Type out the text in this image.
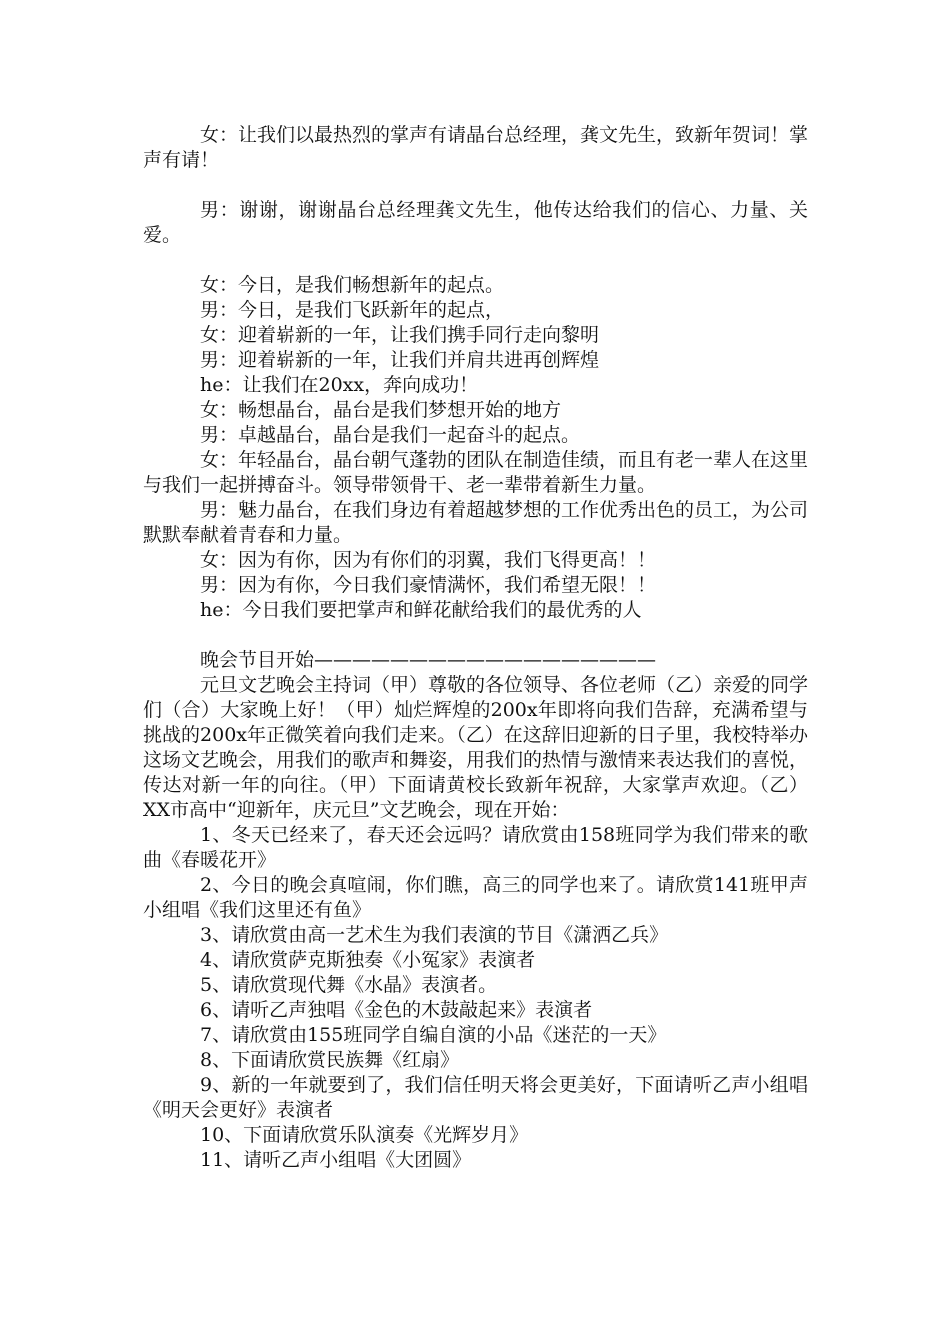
女：让我们以最热烈的掌声有请晶台总经理，龚文先生，致新年贺词！掌声有请！

男：谢谢，谢谢晶台总经理龚文先生，他传达给我们的信心、力量、关爱。

女：今日，是我们畅想新年的起点。

男：今日，是我们飞跃新年的起点，

女：迎着崭新的一年，让我们携手同行走向黎明

男：迎着崭新的一年，让我们并肩共进再创辉煌

he：让我们在20xx，奔向成功！

女：畅想晶台，晶台是我们梦想开始的地方

男：卓越晶台，晶台是我们一起奋斗的起点。

女：年轻晶台，晶台朝气蓬勃的团队在制造佳绩，而且有老一辈人在这里与我们一起拼搏奋斗。领导带领骨干、老一辈带着新生力量。

男：魅力晶台，在我们身边有着超越梦想的工作优秀出色的员工，为公司默默奉献着青春和力量。

女：因为有你，因为有你们的羽翼，我们飞得更高！！

男：因为有你，今日我们豪情满怀，我们希望无限！！

he：今日我们要把掌声和鲜花献给我们的最优秀的人

晚会节目开始——————————————————

元旦文艺晚会主持词（甲）尊敬的各位领导、各位老师（乙）亲爱的同学们（合）大家晚上好！（甲）灿烂辉煌的200x年即将向我们告辞，充满希望与挑战的200x年正微笑着向我们走来。（乙）在这辞旧迎新的日子里，我校特举办这场文艺晚会，用我们的歌声和舞姿，用我们的热情与激情来表达我们的喜悦，传达对新一年的向往。（甲）下面请黄校长致新年祝辞，大家掌声欢迎。（乙）XX市高中“迎新年，庆元旦”文艺晚会，现在开始：

1、冬天已经来了，春天还会远吗？请欣赏由158班同学为我们带来的歌曲《春暖花开》

2、今日的晚会真喧闹，你们瞧，高三的同学也来了。请欣赏141班甲声小组唱《我们这里还有鱼》

3、请欣赏由高一艺术生为我们表演的节目《潇洒乙兵》

4、请欣赏萨克斯独奏《小冤家》表演者

5、请欣赏现代舞《水晶》表演者。

6、请听乙声独唱《金色的木鼓敲起来》表演者

7、请欣赏由155班同学自编自演的小品《迷茫的一天》

8、下面请欣赏民族舞《红扇》

9、新的一年就要到了，我们信任明天将会更美好，下面请听乙声小组唱《明天会更好》表演者

10、下面请欣赏乐队演奏《光辉岁月》

11、请听乙声小组唱《大团圆》
